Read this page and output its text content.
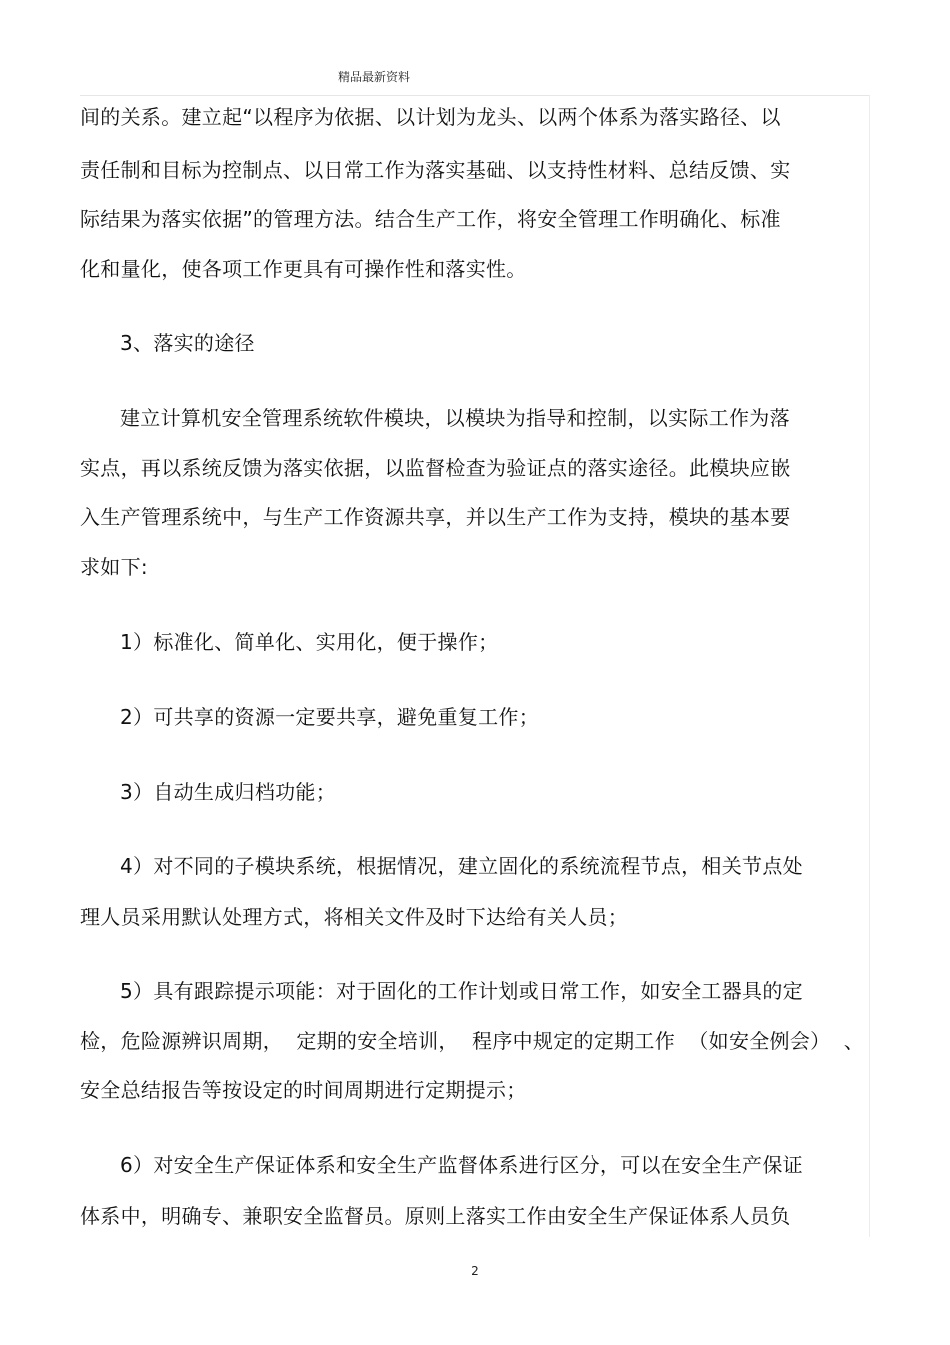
精品最新资料
间的关系。建立起“以程序为依据、以计划为龙头、以两个体系为落实路径、以
责任制和目标为控制点、以日常工作为落实基础、以支持性材料、总结反馈、实
际结果为落实依据”的管理方法。结合生产工作，将安全管理工作明确化、标准
化和量化，使各项工作更具有可操作性和落实性。
3、落实的途径
建立计算机安全管理系统软件模块，以模块为指导和控制，以实际工作为落
实点，再以系统反馈为落实依据，以监督检查为验证点的落实途径。此模块应嵌
入生产管理系统中，与生产工作资源共享，并以生产工作为支持，模块的基本要
求如下:
1）标准化、简单化、实用化，便于操作；
2）可共享的资源一定要共享，避免重复工作；
3）自动生成归档功能；
4）对不同的子模块系统，根据情况，建立固化的系统流程节点，相关节点处
理人员采用默认处理方式，将相关文件及时下达给有关人员；
5）具有跟踪提示项能：对于固化的工作计划或日常工作，如安全工器具的定
检，危险源辨识周期，  定期的安全培训，  程序中规定的定期工作  （如安全例会）  、
安全总结报告等按设定的时间周期进行定期提示；
6）对安全生产保证体系和安全生产监督体系进行区分，可以在安全生产保证
体系中，明确专、兼职安全监督员。原则上落实工作由安全生产保证体系人员负
2
